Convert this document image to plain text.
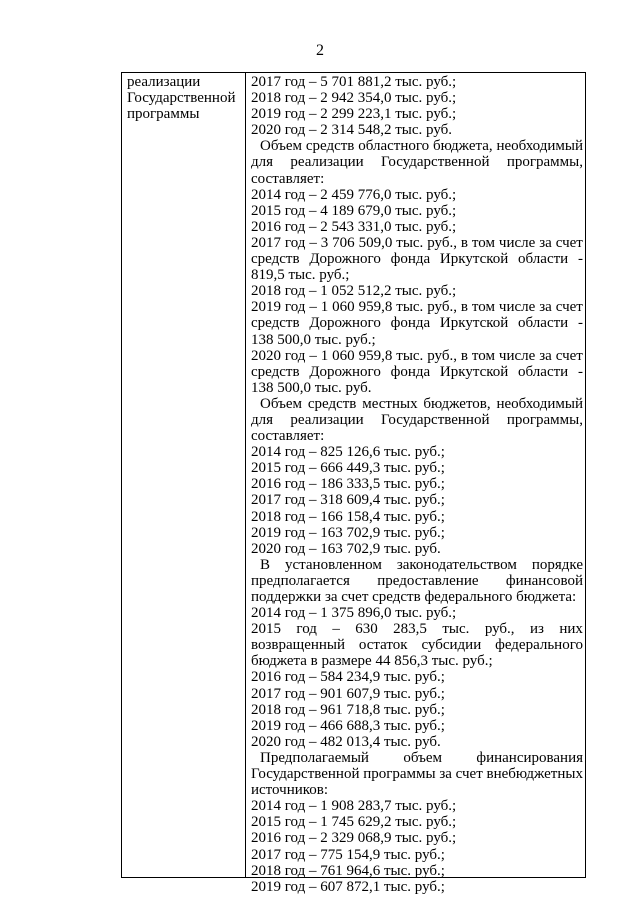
2
реализации
Государственной
программы
2017 год – 5 701 881,2 тыс. руб.;
2018 год – 2 942 354,0 тыс. руб.;
2019 год – 2 299 223,1 тыс. руб.;
2020 год – 2 314 548,2 тыс. руб.
Объем средств областного бюджета, необходимый
для реализации Государственной программы,
составляет:
2014 год – 2 459 776,0 тыс. руб.;
2015 год – 4 189 679,0 тыс. руб.;
2016 год – 2 543 331,0 тыс. руб.;
2017 год – 3 706 509,0 тыс. руб., в том числе за счет
средств Дорожного фонда Иркутской области -
819,5 тыс. руб.;
2018 год – 1 052 512,2 тыс. руб.;
2019 год – 1 060 959,8 тыс. руб., в том числе за счет
средств Дорожного фонда Иркутской области -
138 500,0 тыс. руб.;
2020 год – 1 060 959,8 тыс. руб., в том числе за счет
средств Дорожного фонда Иркутской области -
138 500,0 тыс. руб.
Объем средств местных бюджетов, необходимый
для реализации Государственной программы,
составляет:
2014 год – 825 126,6 тыс. руб.;
2015 год – 666 449,3 тыс. руб.;
2016 год – 186 333,5 тыс. руб.;
2017 год – 318 609,4 тыс. руб.;
2018 год – 166 158,4 тыс. руб.;
2019 год – 163 702,9 тыс. руб.;
2020 год – 163 702,9 тыс. руб.
В установленном законодательством порядке
предполагается предоставление финансовой
поддержки за счет средств федерального бюджета:
2014 год – 1 375 896,0 тыс. руб.;
2015 год – 630 283,5 тыс. руб., из них
возвращенный остаток субсидии федерального
бюджета в размере 44 856,3 тыс. руб.;
2016 год – 584 234,9 тыс. руб.;
2017 год – 901 607,9 тыс. руб.;
2018 год – 961 718,8 тыс. руб.;
2019 год – 466 688,3 тыс. руб.;
2020 год – 482 013,4 тыс. руб.
Предполагаемый объем финансирования
Государственной программы за счет внебюджетных
источников:
2014 год – 1 908 283,7 тыс. руб.;
2015 год – 1 745 629,2 тыс. руб.;
2016 год – 2 329 068,9 тыс. руб.;
2017 год – 775 154,9 тыс. руб.;
2018 год – 761 964,6 тыс. руб.;
2019 год – 607 872,1 тыс. руб.;
